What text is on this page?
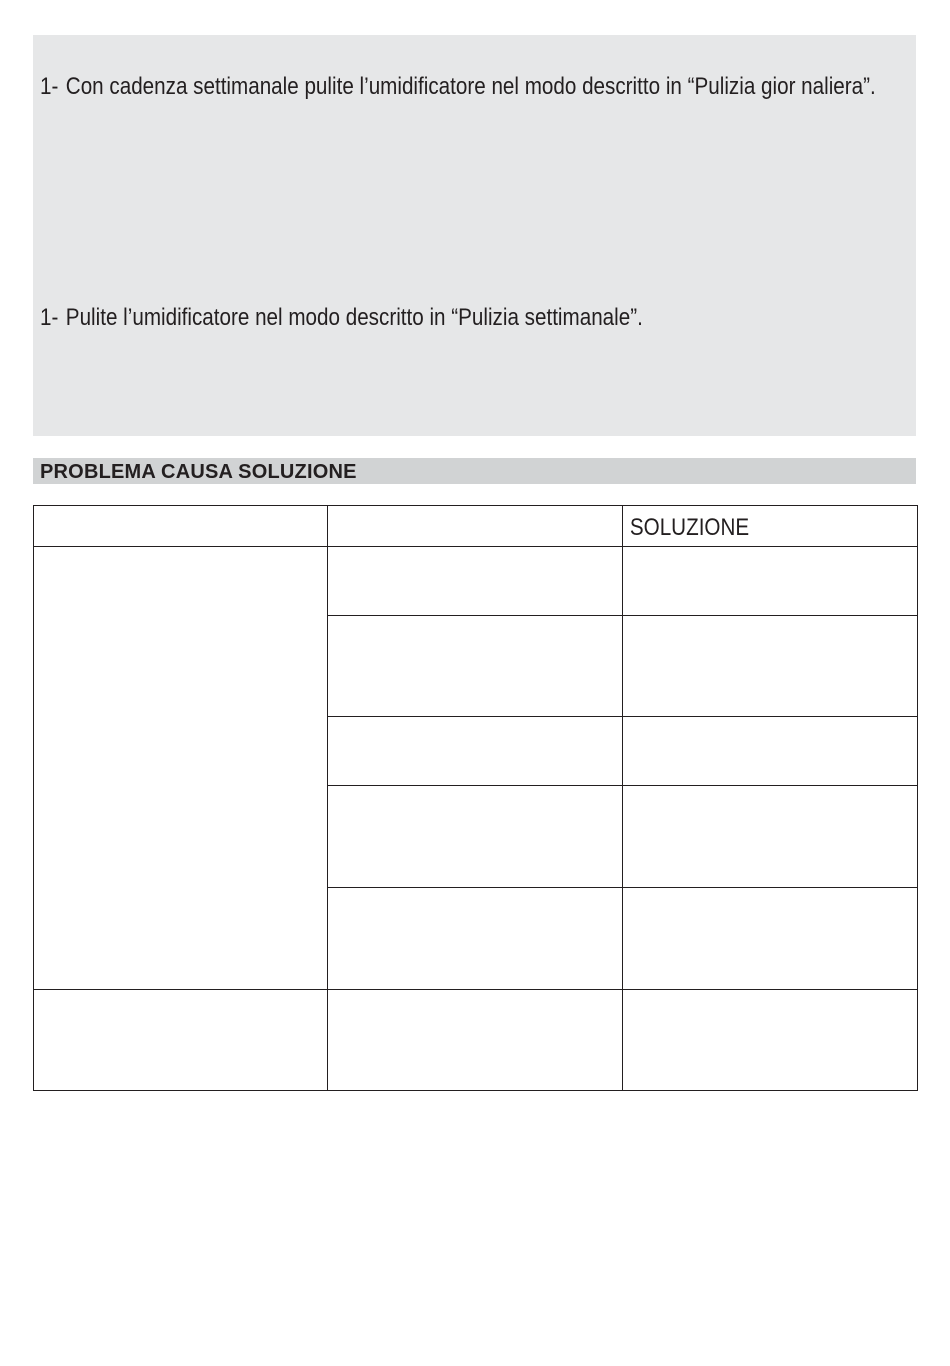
1- Con cadenza settimanale pulite l’umidificatore nel modo descritto in “Pulizia gior naliera”.
1- Pulite l’umidificatore nel modo descritto in “Pulizia settimanale”.
PROBLEMA CAUSA SOLUZIONE
		SOLUZIONE
